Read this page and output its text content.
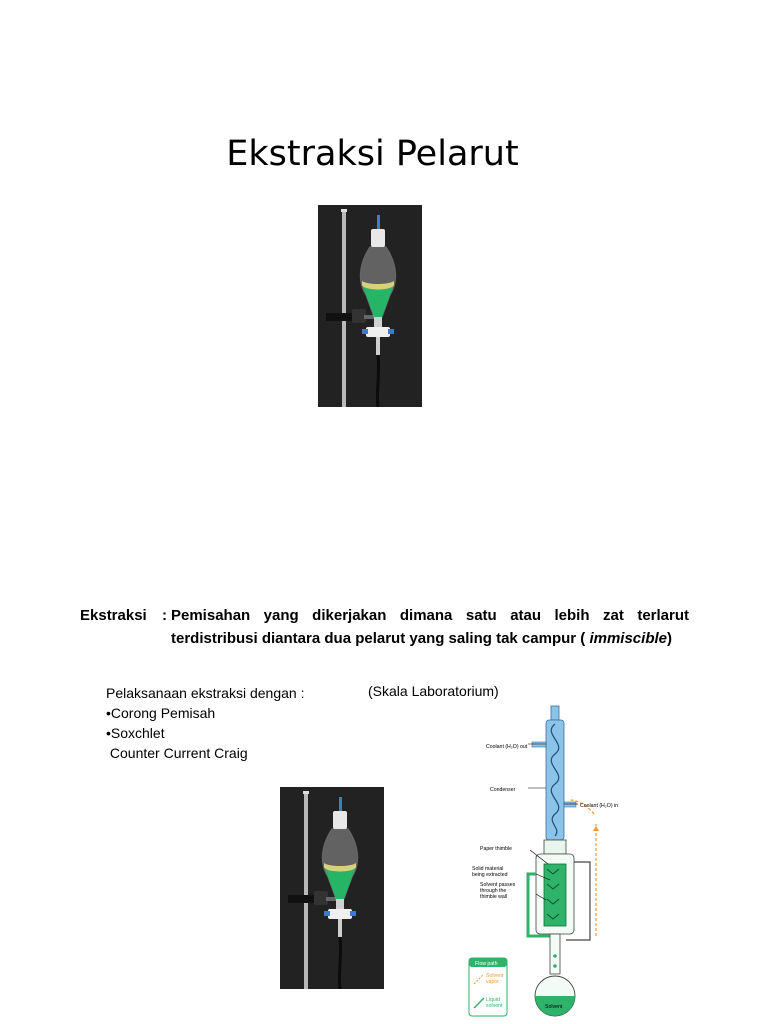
Ekstraksi Pelarut
Ekstraksi : Pemisahan yang dikerjakan dimana satu atau lebih zat terlarut terdistribusi diantara dua pelarut yang saling tak campur ( immiscible)
Pelaksanaan ekstraksi dengan :
•Corong Pemisah
•Soxchlet
Counter Current Craig
(Skala Laboratorium)
Coolant (H₂O) out
Condenser
Coolant (H₂O) in
Paper thimble
Solid material
being extracted
Solvent passes
through the
thimble wall
Flow path
Solvent
vapor
Liquid
solvent	Solvent
